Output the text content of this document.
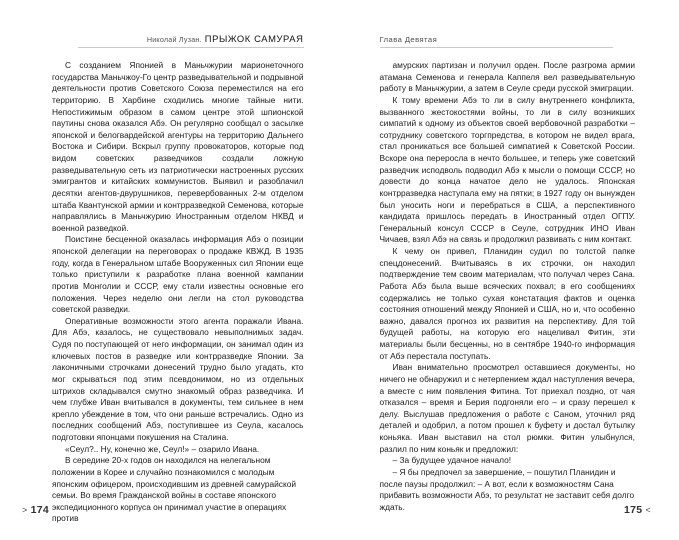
Николай Лузан. ПРЫЖОК САМУРАЯ

С созданием Японией в Маньчжурии марионеточного государства Маньчжоу-Го центр разведывательной и подрывной деятельности против Советского Союза переместился на его территорию. В Харбине сходились многие тайные нити. Непостижимым образом в самом центре этой шпионской паутины снова оказался Абэ. Он регулярно сообщал о засылке японской и белогвардейской агентуры на территорию Дальнего Востока и Сибири. Вскрыл группу провокаторов, которые под видом советских разведчиков создали ложную разведывательную сеть из патриотически настроенных русских эмигрантов и китайских коммунистов. Выявил и разоблачил десятки агентов-двурушников, перевербованных 2-м отделом штаба Квантунской армии и контрразведкой Семенова, которые направлялись в Маньчжурию Иностранным отделом НКВД и военной разведкой.

Поистине бесценной оказалась информация Абэ о позиции японской делегации на переговорах о продаже КВЖД. В 1935 году, когда в Генеральном штабе Вооруженных сил Японии еще только приступили к разработке плана военной кампании против Монголии и СССР, ему стали известны основные его положения. Через неделю они легли на стол руководства советской разведки.

Оперативные возможности этого агента поражали Ивана. Для Абэ, казалось, не существовало невыполнимых задач. Судя по поступающей от него информации, он занимал один из ключевых постов в разведке или контрразведке Японии. За лаконичными строчками донесений трудно было угадать, кто мог скрываться под этим псевдонимом, но из отдельных штрихов складывался смутно знакомый образ разведчика. И чем глубже Иван вчитывался в документы, тем сильнее в нем крепло убеждение в том, что они раньше встречались. Одно из последних сообщений Абэ, поступившее из Сеула, касалось подготовки японцами покушения на Сталина.

«Сеул?.. Ну, конечно же, Сеул!» – озарило Ивана.

В середине 20-х годов он находился на нелегальном положении в Корее и случайно познакомился с молодым японским офицером, происходившим из древней самурайской семьи. Во время Гражданской войны в составе японского экспедиционного корпуса он принимал участие в операциях против

> 174
Глава Девятая

амурских партизан и получил орден. После разгрома армии атамана Семенова и генерала Каппеля вел разведывательную работу в Маньчжурии, а затем в Сеуле среди русской эмиграции.

К тому времени Абэ то ли в силу внутреннего конфликта, вызванного жестокостями войны, то ли в силу возникших симпатий к одному из объектов своей вербовочной разработки – сотруднику советского торгпредства, в котором не видел врага, стал проникаться все большей симпатией к Советской России. Вскоре она переросла в нечто большее, и теперь уже советский разведчик исподволь подводил Абэ к мысли о помощи СССР, но довести до конца начатое дело не удалось. Японская контрразведка наступала ему на пятки; в 1927 году он вынужден был уносить ноги и перебраться в США, а перспективного кандидата пришлось передать в Иностранный отдел ОГПУ. Генеральный консул СССР в Сеуле, сотрудник ИНО Иван Чичаев, взял Абэ на связь и продолжил развивать с ним контакт.

К чему он привел, Планидин судил по толстой папке спецдонесений. Вчитываясь в их строчки, он находил подтверждение тем своим материалам, что получал через Сана. Работа Абэ была выше всяческих похвал; в его сообщениях содержались не только сухая констатация фактов и оценка состояния отношений между Японией и США, но и, что особенно важно, давался прогноз их развития на перспективу. Для той будущей работы, на которую его нацеливал Фитин, эти материалы были бесценны, но в сентябре 1940-го информация от Абэ перестала поступать.

Иван внимательно просмотрел оставшиеся документы, но ничего не обнаружил и с нетерпением ждал наступления вечера, а вместе с ним появления Фитина. Тот приехал поздно, от чая отказался – время и Берия подгоняли его – и сразу перешел к делу. Выслушав предложения о работе с Саном, уточнил ряд деталей и одобрил, а потом прошел к буфету и достал бутылку коньяка. Иван выставил на стол рюмки. Фитин улыбнулся, разлил по ним коньяк и предложил:

– За будущее удачное начало!

– Я бы предпочел за завершение, – пошутил Планидин и после паузы продолжил: – А вот, если к возможностям Сана прибавить возможности Абэ, то результат не заставит себя долго ждать.	175 <
